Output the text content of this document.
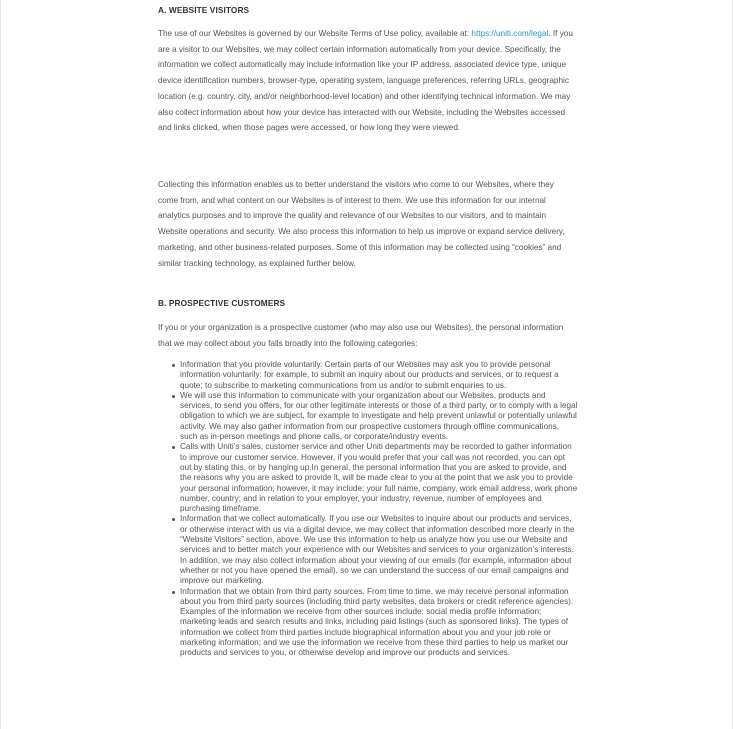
A. WEBSITE VISITORS

The use of our Websites is governed by our Website Terms of Use policy, available at: https://uniti.com/legal. If you are a visitor to our Websites, we may collect certain information automatically from your device. Specifically, the information we collect automatically may include information like your IP address, associated device type, unique device identification numbers, browser-type, operating system, language preferences, referring URLs, geographic location (e.g. country, city, and/or neighborhood-level location) and other identifying technical information. We may also collect information about how your device has interacted with our Website, including the Websites accessed and links clicked, when those pages were accessed, or how long they were viewed.

Collecting this information enables us to better understand the visitors who come to our Websites, where they come from, and what content on our Websites is of interest to them. We use this information for our internal analytics purposes and to improve the quality and relevance of our Websites to our visitors, and to maintain Website operations and security. We also process this information to help us improve or expand service delivery, marketing, and other business-related purposes. Some of this information may be collected using “cookies” and similar tracking technology, as explained further below.

B. PROSPECTIVE CUSTOMERS

If you or your organization is a prospective customer (who may also use our Websites), the personal information that we may collect about you falls broadly into the following categories:

Information that you provide voluntarily. Certain parts of our Websites may ask you to provide personal information voluntarily: for example, to submit an inquiry about our products and services, or to request a quote; to subscribe to marketing communications from us and/or to submit enquiries to us.
We will use this information to communicate with your organization about our Websites, products and services, to send you offers, for our other legitimate interests or those of a third party, or to comply with a legal obligation to which we are subject, for example to investigate and help prevent unlawful or potentially unlawful activity. We may also gather information from our prospective customers through offline communications, such as in-person meetings and phone calls, or corporate/industry events.
Calls with Uniti’s sales, customer service and other Uniti departments may be recorded to gather information to improve our customer service. However, if you would prefer that your call was not recorded, you can opt out by stating this, or by hanging up.In general, the personal information that you are asked to provide, and the reasons why you are asked to provide it, will be made clear to you at the point that we ask you to provide your personal information; however, it may include: your full name, company, work email address, work phone number, country; and in relation to your employer, your industry, revenue, number of employees and purchasing timeframe.
Information that we collect automatically. If you use our Websites to inquire about our products and services, or otherwise interact with us via a digital device, we may collect that information described more clearly in the “Website Visitors” section, above. We use this information to help us analyze how you use our Website and services and to better match your experience with our Websites and services to your organization’s interests. In addition, we may also collect information about your viewing of our emails (for example, information about whether or not you have opened the email), so we can understand the success of our email campaigns and improve our marketing.
Information that we obtain from third party sources. From time to time, we may receive personal information about you from third party sources (including third party websites, data brokers or credit reference agencies). Examples of the information we receive from other sources include: social media profile information; marketing leads and search results and links, including paid listings (such as sponsored links). The types of information we collect from third parties include biographical information about you and your job role or marketing information; and we use the information we receive from these third parties to help us market our products and services to you, or otherwise develop and improve our products and services.
